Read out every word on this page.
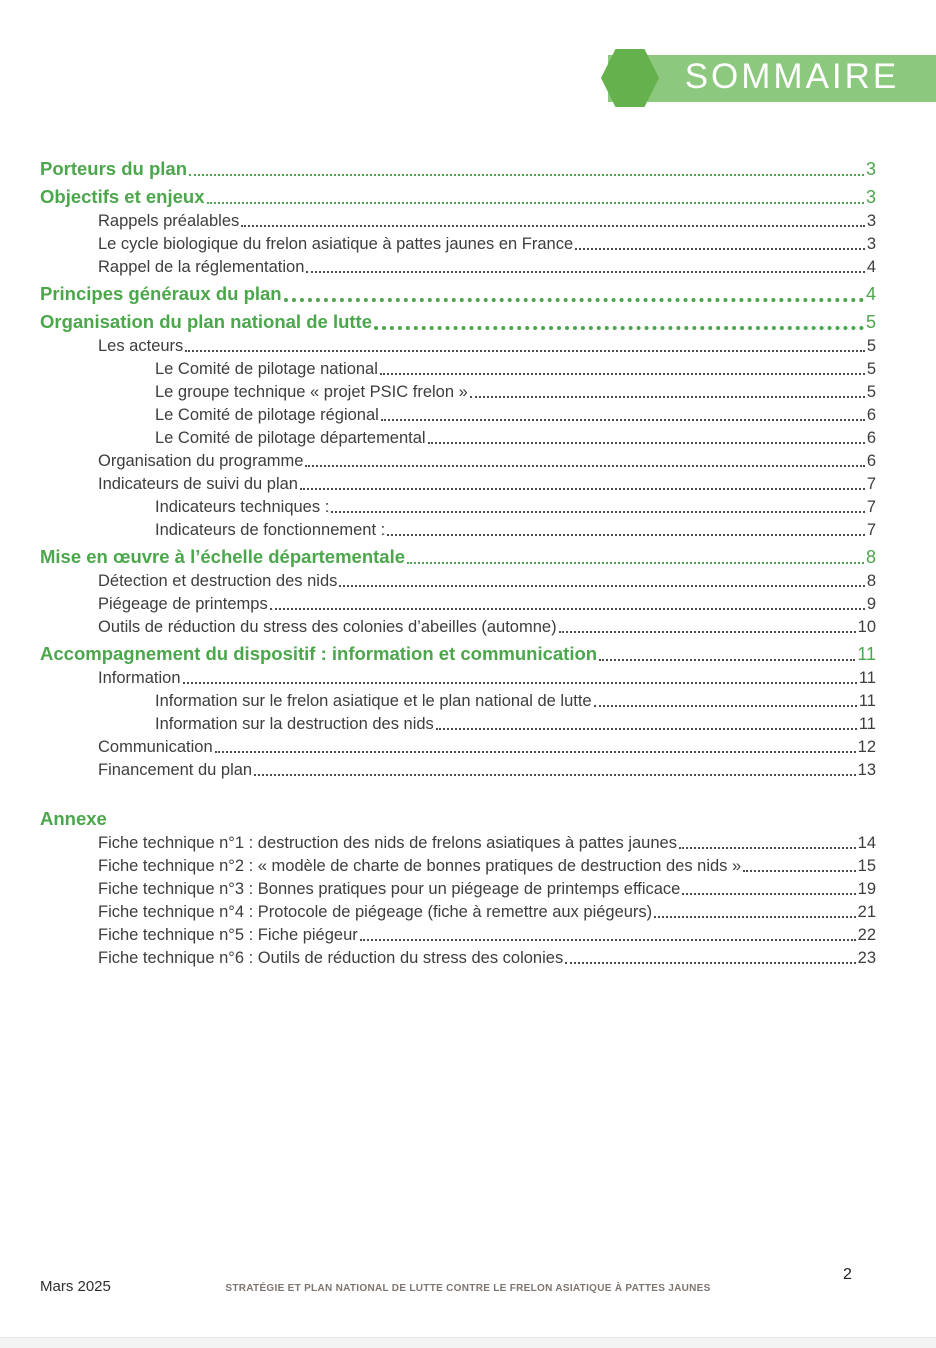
SOMMAIRE
Porteurs du plan	3
Objectifs et enjeux	3
Rappels préalables	3
Le cycle biologique du frelon asiatique à pattes jaunes en France	3
Rappel de la réglementation	4
Principes généraux du plan	4
Organisation du plan national de lutte	5
Les acteurs	5
Le Comité de pilotage national	5
Le groupe technique « projet PSIC frelon »	5
Le Comité de pilotage régional	6
Le Comité de pilotage départemental	6
Organisation du programme	6
Indicateurs de suivi du plan	7
Indicateurs techniques :	7
Indicateurs de fonctionnement :	7
Mise en œuvre à l’échelle départementale	8
Détection et destruction des nids	8
Piégeage de printemps	9
Outils de réduction du stress des colonies d’abeilles (automne)	10
Accompagnement du dispositif : information et communication	11
Information	11
Information sur le frelon asiatique et le plan national de lutte	11
Information sur la destruction des nids	11
Communication	12
Financement du plan	13
Annexe
Fiche technique n°1 : destruction des nids de frelons asiatiques à pattes jaunes	14
Fiche technique n°2 : « modèle de charte de bonnes pratiques de destruction des nids »	15
Fiche technique n°3 : Bonnes pratiques pour un piégeage de printemps efficace	19
Fiche technique n°4 : Protocole de piégeage (fiche à remettre aux piégeurs)	21
Fiche technique n°5 : Fiche piégeur	22
Fiche technique n°6 : Outils de réduction du stress des colonies	23
Mars 2025	STRATÉGIE ET PLAN NATIONAL DE LUTTE CONTRE LE FRELON ASIATIQUE À PATTES JAUNES
2
